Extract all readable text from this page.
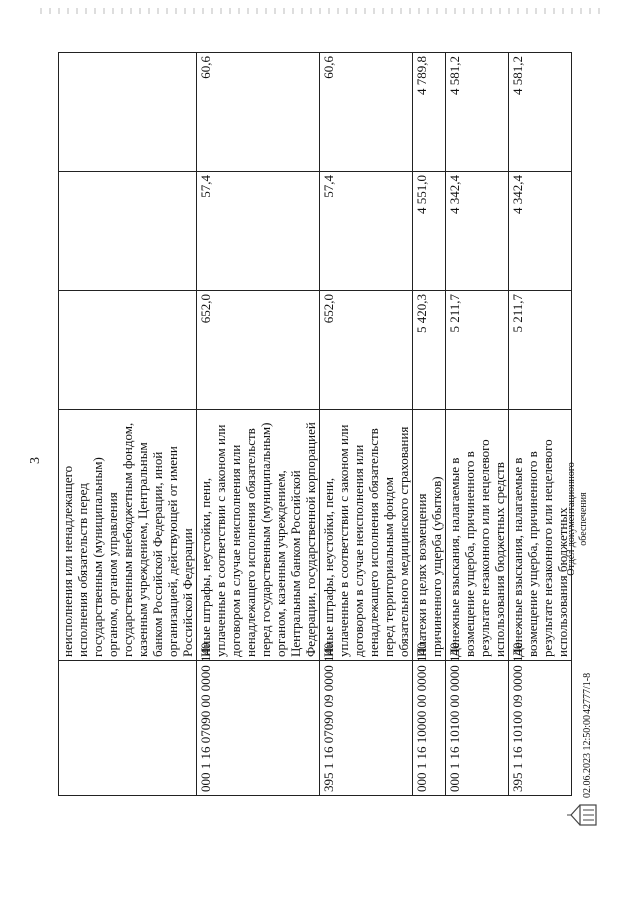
3
	неисполнения или ненадлежащего исполнения обязательств перед государственным (муниципальным) органом, органом управления государственным внебюджетным фондом, казенным учреждением, Центральным банком Российской Федерации, иной организацией, действующей от имени Российской Федерации			
000 1 16 07090 00 0000 140	Иные штрафы, неустойки, пени, уплаченные в соответствии с законом или договором в случае неисполнения или ненадлежащего исполнения обязательств перед государственным (муниципальным) органом, казенным учреждением, Центральным банком Российской Федерации, государственной корпорацией	652,0	57,4	60,6
395 1 16 07090 09 0000 140	Иные штрафы, неустойки, пени, уплаченные в соответствии с законом или договором в случае неисполнения или ненадлежащего исполнения обязательств перед территориальным фондом обязательного медицинского страхования	652,0	57,4	60,6
000 1 16 10000 00 0000 140	Платежи в целях возмещения причиненного ущерба (убытков)	5 420,3	4 551,0	4 789,8
000 1 16 10100 00 0000 140	Денежные взыскания, налагаемые в возмещение ущерба, причиненного в результате незаконного или нецелевого использования бюджетных средств	5 211,7	4 342,4	4 581,2
395 1 16 10100 09 0000 140	Денежные взыскания, налагаемые в возмещение ущерба, причиненного в результате незаконного или нецелевого использования бюджетных	5 211,7	4 342,4	4 581,2
02.06.2023 12:50:00
42777/1-8
Отдел документационного обеспечения
